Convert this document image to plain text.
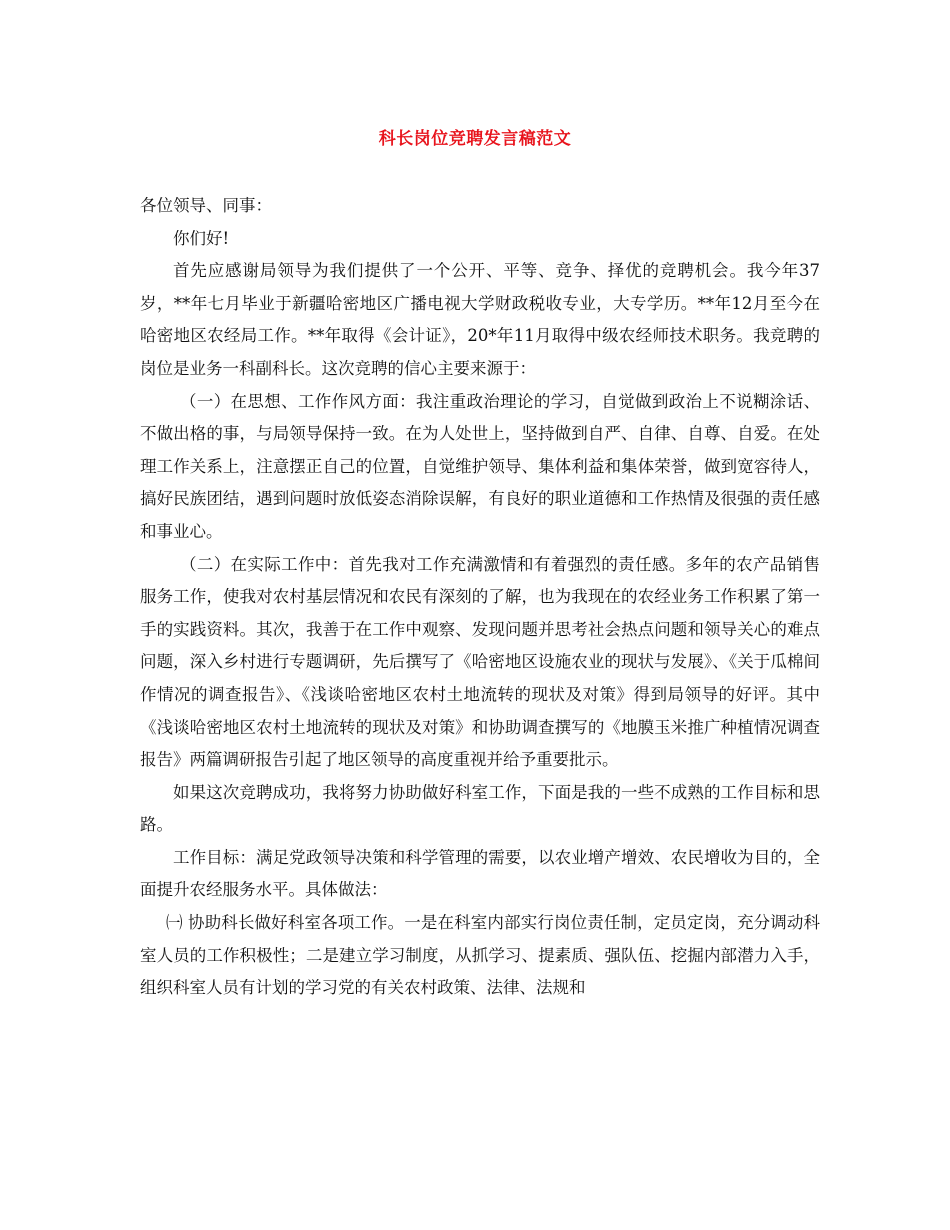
科长岗位竞聘发言稿范文

各位领导、同事：

你们好!

首先应感谢局领导为我们提供了一个公开、平等、竞争、择优的竞聘机会。我今年37岁，**年七月毕业于新疆哈密地区广播电视大学财政税收专业，大专学历。**年12月至今在哈密地区农经局工作。**年取得《会计证》，20*年11月取得中级农经师技术职务。我竞聘的岗位是业务一科副科长。这次竞聘的信心主要来源于：

（一）在思想、工作作风方面：我注重政治理论的学习，自觉做到政治上不说糊涂话、不做出格的事，与局领导保持一致。在为人处世上，坚持做到自严、自律、自尊、自爱。在处理工作关系上，注意摆正自己的位置，自觉维护领导、集体利益和集体荣誉，做到宽容待人，搞好民族团结，遇到问题时放低姿态消除误解，有良好的职业道德和工作热情及很强的责任感和事业心。

（二）在实际工作中：首先我对工作充满激情和有着强烈的责任感。多年的农产品销售服务工作，使我对农村基层情况和农民有深刻的了解，也为我现在的农经业务工作积累了第一手的实践资料。其次，我善于在工作中观察、发现问题并思考社会热点问题和领导关心的难点问题，深入乡村进行专题调研，先后撰写了《哈密地区设施农业的现状与发展》、《关于瓜棉间作情况的调查报告》、《浅谈哈密地区农村土地流转的现状及对策》得到局领导的好评。其中《浅谈哈密地区农村土地流转的现状及对策》和协助调查撰写的《地膜玉米推广种植情况调查报告》两篇调研报告引起了地区领导的高度重视并给予重要批示。

如果这次竞聘成功，我将努力协助做好科室工作，下面是我的一些不成熟的工作目标和思路。

工作目标：满足党政领导决策和科学管理的需要，以农业增产增效、农民增收为目的，全面提升农经服务水平。具体做法：

㈠ 协助科长做好科室各项工作。一是在科室内部实行岗位责任制，定员定岗，充分调动科室人员的工作积极性；二是建立学习制度，从抓学习、提素质、强队伍、挖掘内部潜力入手，组织科室人员有计划的学习党的有关农村政策、法律、法规和
